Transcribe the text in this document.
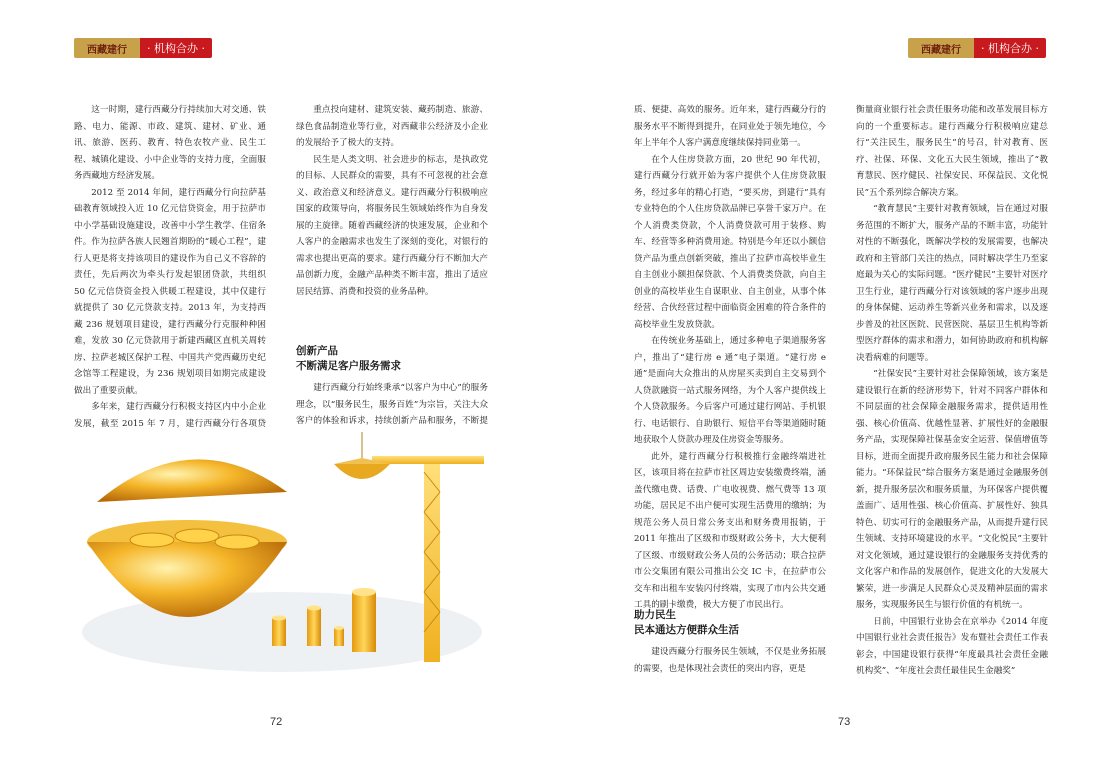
西藏建行	· 机构合办 ·

这一时期，建行西藏分行持续加大对交通、铁路、电力、能源、市政、建筑、建材、矿业、通讯、旅游、医药、教育、特色农牧产业、民生工程、城镇化建设、小中企业等的支持力度，全面服务西藏地方经济发展。

2012 至 2014 年间，建行西藏分行向拉萨基础教育领域投入近 10 亿元信贷资金，用于拉萨市中小学基础设施建设，改善中小学生教学、住宿条件。作为拉萨各族人民翘首期盼的“暖心工程”，建行人更是将支持该项目的建设作为自己义不容辞的责任，先后两次为牵头行发起银团贷款，共组织 50 亿元信贷资金投入供暖工程建设，其中仅建行就提供了 30 亿元贷款支持。2013 年，为支持西藏 236 规划项目建设，建行西藏分行克服种种困难，发放 30 亿元贷款用于新建西藏区直机关周转房、拉萨老城区保护工程、中国共产党西藏历史纪念馆等工程建设，为 236 规划项目如期完成建设做出了重要贡献。

多年来，建行西藏分行积极支持区内中小企业发展，截至 2015 年 7 月，建行西藏分行各项贷

重点投向建材、建筑安装、藏药制造、旅游、绿色食品制造业等行业，对西藏非公经济及小企业的发展给予了极大的支持。

民生是人类文明、社会进步的标志，是执政党的目标、人民群众的需要，具有不可忽视的社会意义、政治意义和经济意义。建行西藏分行积极响应国家的政策导向，将服务民生领域始终作为自身发展的主旋律。随着西藏经济的快速发展，企业和个人客户的金融需求也发生了深刻的变化，对银行的需求也提出更高的要求。建行西藏分行不断加大产品创新力度，金融产品种类不断丰富，推出了适应居民结算、消费和投资的业务品种。

创新产品
不断满足客户服务需求

建行西藏分行始终秉承“以客户为中心”的服务理念，以“服务民生，服务百姓”为宗旨，关注大众客户的体验和诉求，持续创新产品和服务，不断提

72
西藏建行	· 机构合办 ·

质、便捷、高效的服务。近年来，建行西藏分行的服务水平不断得到提升，在同业处于领先地位，今年上半年个人客户满意度继续保持同业第一。

在个人住房贷款方面，20 世纪 90 年代初，建行西藏分行就开始为客户提供个人住房贷款服务，经过多年的精心打造，“要买房，到建行”具有专业特色的个人住房贷款品牌已享誉千家万户。在个人消费类贷款，个人消费贷款可用于装修、购车、经营等多种消费用途。特别是今年还以小额信贷产品为重点创新突破，推出了拉萨市高校毕业生自主创业小额担保贷款、个人消费类贷款，向自主创业的高校毕业生自谋职业、自主创业，从事个体经营、合伙经营过程中面临资金困难的符合条件的高校毕业生发放贷款。

在传统业务基础上，通过多种电子渠道服务客户，推出了“建行房 e 通”电子渠道。“建行房 e 通”是面向大众推出的从房屋买卖到自主交易到个人贷款融资一站式服务网络，为个人客户提供线上个人贷款服务。今后客户可通过建行网站、手机银行、电话银行、自助银行、短信平台等渠道随时随地获取个人贷款办理及住房资金等服务。

此外，建行西藏分行积极推行金融终端进社区，该项目将在拉萨市社区周边安装缴费终端，涵盖代缴电费、话费、广电收视费、燃气费等 13 项功能，居民足不出户便可实现生活费用的缴纳；为规范公务人员日常公务支出和财务费用报销，于 2011 年推出了区级和市级财政公务卡，大大便利了区级、市级财政公务人员的公务活动；联合拉萨市公交集团有限公司推出公交 IC 卡，在拉萨市公交车和出租车安装闪付终端，实现了市内公共交通工具的刷卡缴费，极大方便了市民出行。

助力民生
民本通达方便群众生活

建设西藏分行服务民生领域，不仅是业务拓展的需要，也是体现社会责任的突出内容，更是

衡量商业银行社会责任服务功能和改革发展目标方向的一个重要标志。建行西藏分行积极响应建总行“关注民生，服务民生”的号召，针对教育、医疗、社保、环保、文化五大民生领域，推出了“教育慧民、医疗健民、社保安民、环保益民、文化悦民”五个系列综合解决方案。

“教育慧民”主要针对教育领域，旨在通过对服务范围的不断扩大，服务产品的不断丰富，功能针对性的不断强化，既解决学校的发展需要，也解决政府和主管部门关注的热点，同时解决学生乃至家庭最为关心的实际问题。“医疗健民”主要针对医疗卫生行业，建行西藏分行对该领域的客户逐步出现的身体保健、运动养生等新兴业务和需求，以及逐步普及的社区医院、民营医院、基层卫生机构等新型医疗群体的需求和潜力，如何协助政府和机构解决看病难的问题等。

“社保安民”主要针对社会保障领域，该方案是建设银行在新的经济形势下，针对不同客户群体和不同层面的社会保障金融服务需求，提供适用性强、核心价值高、优越性显著、扩展性好的金融服务产品，实现保障社保基金安全运营、保值增值等目标，进而全面提升政府服务民生能力和社会保障能力。“环保益民”综合服务方案是通过金融服务创新，提升服务层次和服务质量，为环保客户提供覆盖面广、适用性强、核心价值高、扩展性好、独具特色、切实可行的金融服务产品，从而提升建行民生领域、支持环境建设的水平。“文化悦民”主要针对文化领域，通过建设银行的金融服务支持优秀的文化客户和作品的发展创作，促进文化的大发展大繁荣，进一步满足人民群众心灵及精神层面的需求服务，实现服务民生与银行价值的有机统一。

日前，中国银行业协会在京举办《2014 年度中国银行业社会责任报告》发布暨社会责任工作表彰会，中国建设银行获得“年度最具社会责任金融机构奖”、“年度社会责任最佳民生金融奖”

73
